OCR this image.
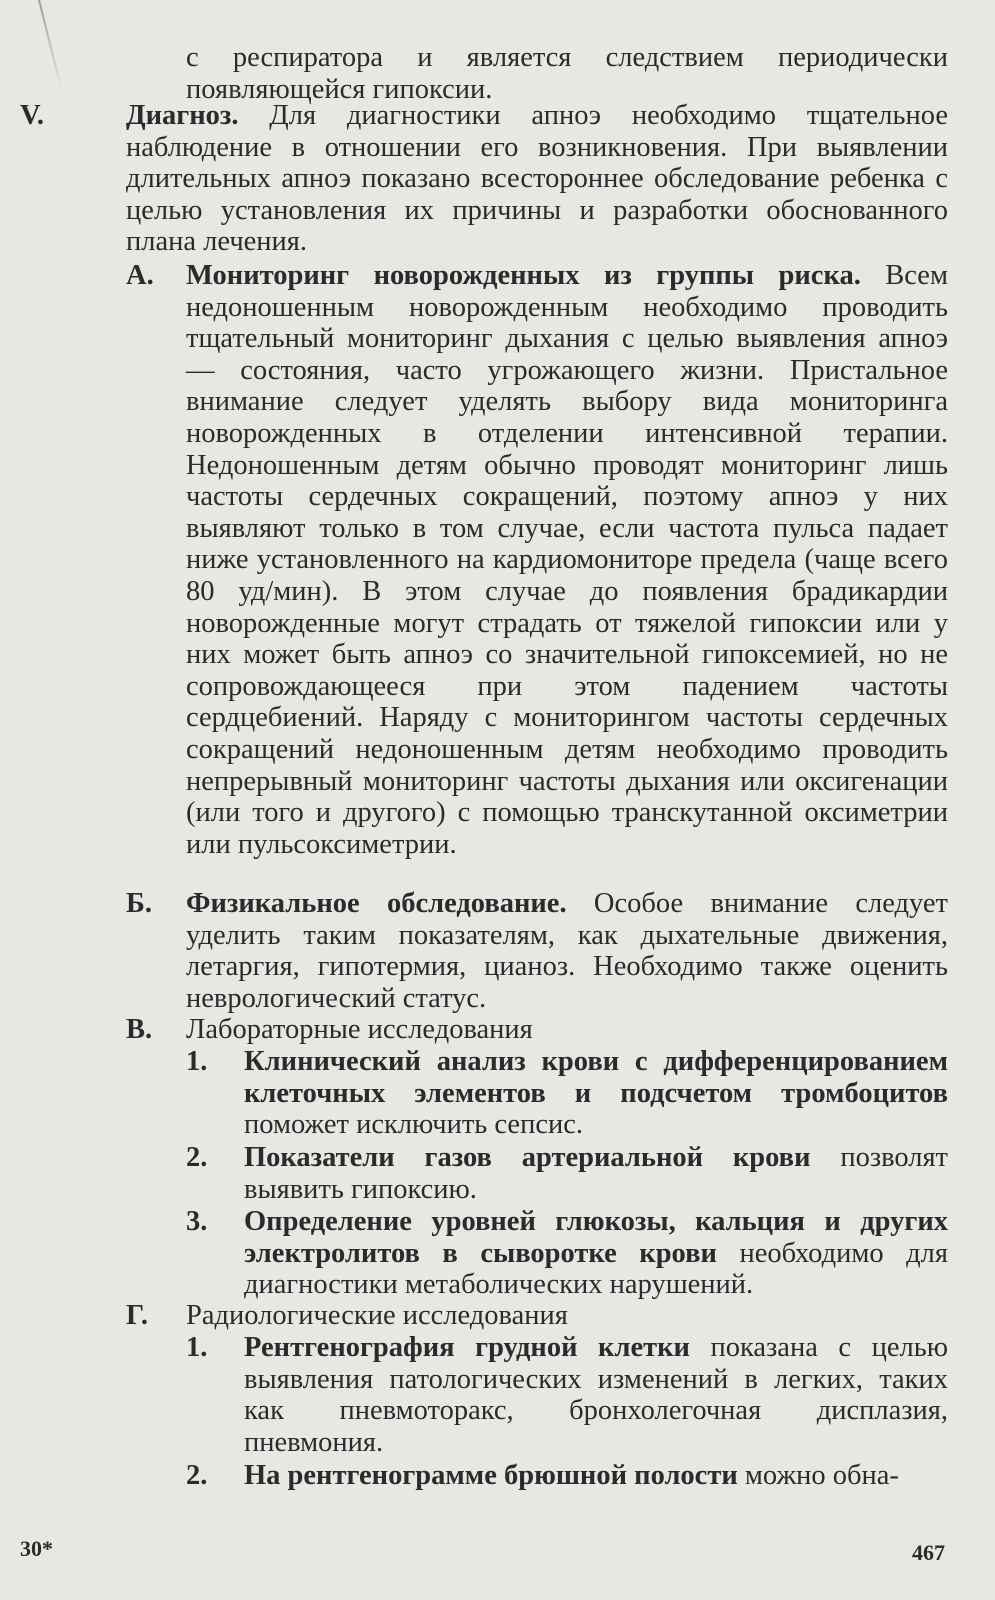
с респиратора и является следствием периодически появляющейся гипоксии.

V.	Диагноз. Для диагностики апноэ необходимо тщательное наблюдение в отношении его возникновения. При выявлении длительных апноэ показано всестороннее обследование ребенка с целью установления их причины и разработки обоснованного плана лечения.

А. Мониторинг новорожденных из группы риска. Всем недоношенным новорожденным необходимо проводить тщательный мониторинг дыхания с целью выявления апноэ — состояния, часто угрожающего жизни. Пристальное внимание следует уделять выбору вида мониторинга новорожденных в отделении интенсивной терапии. Недоношенным детям обычно проводят мониторинг лишь частоты сердечных сокращений, поэтому апноэ у них выявляют только в том случае, если частота пульса падает ниже установленного на кардиомониторе предела (чаще всего 80 уд/мин). В этом случае до появления брадикардии новорожденные могут страдать от тяжелой гипоксии или у них может быть апноэ со значительной гипоксемией, но не сопровождающееся при этом падением частоты сердцебиений. Наряду с мониторингом частоты сердечных сокращений недоношенным детям необходимо проводить непрерывный мониторинг частоты дыхания или оксигенации (или того и другого) с помощью транскутанной оксиметрии или пульсоксиметрии.

Б. Физикальное обследование. Особое внимание следует уделить таким показателям, как дыхательные движения, летаргия, гипотермия, цианоз. Необходимо также оценить неврологический статус.

В. Лабораторные исследования

1. Клинический анализ крови с дифференцированием клеточных элементов и подсчетом тромбоцитов поможет исключить сепсис.

2. Показатели газов артериальной крови позволят выявить гипоксию.

3. Определение уровней глюкозы, кальция и других электролитов в сыворотке крови необходимо для диагностики метаболических нарушений.

Г. Радиологические исследования

1. Рентгенография грудной клетки показана с целью выявления патологических изменений в легких, таких как пневмоторакс, бронхолегочная дисплазия, пневмония.

2. На рентгенограмме брюшной полости можно обна-

30*	467
